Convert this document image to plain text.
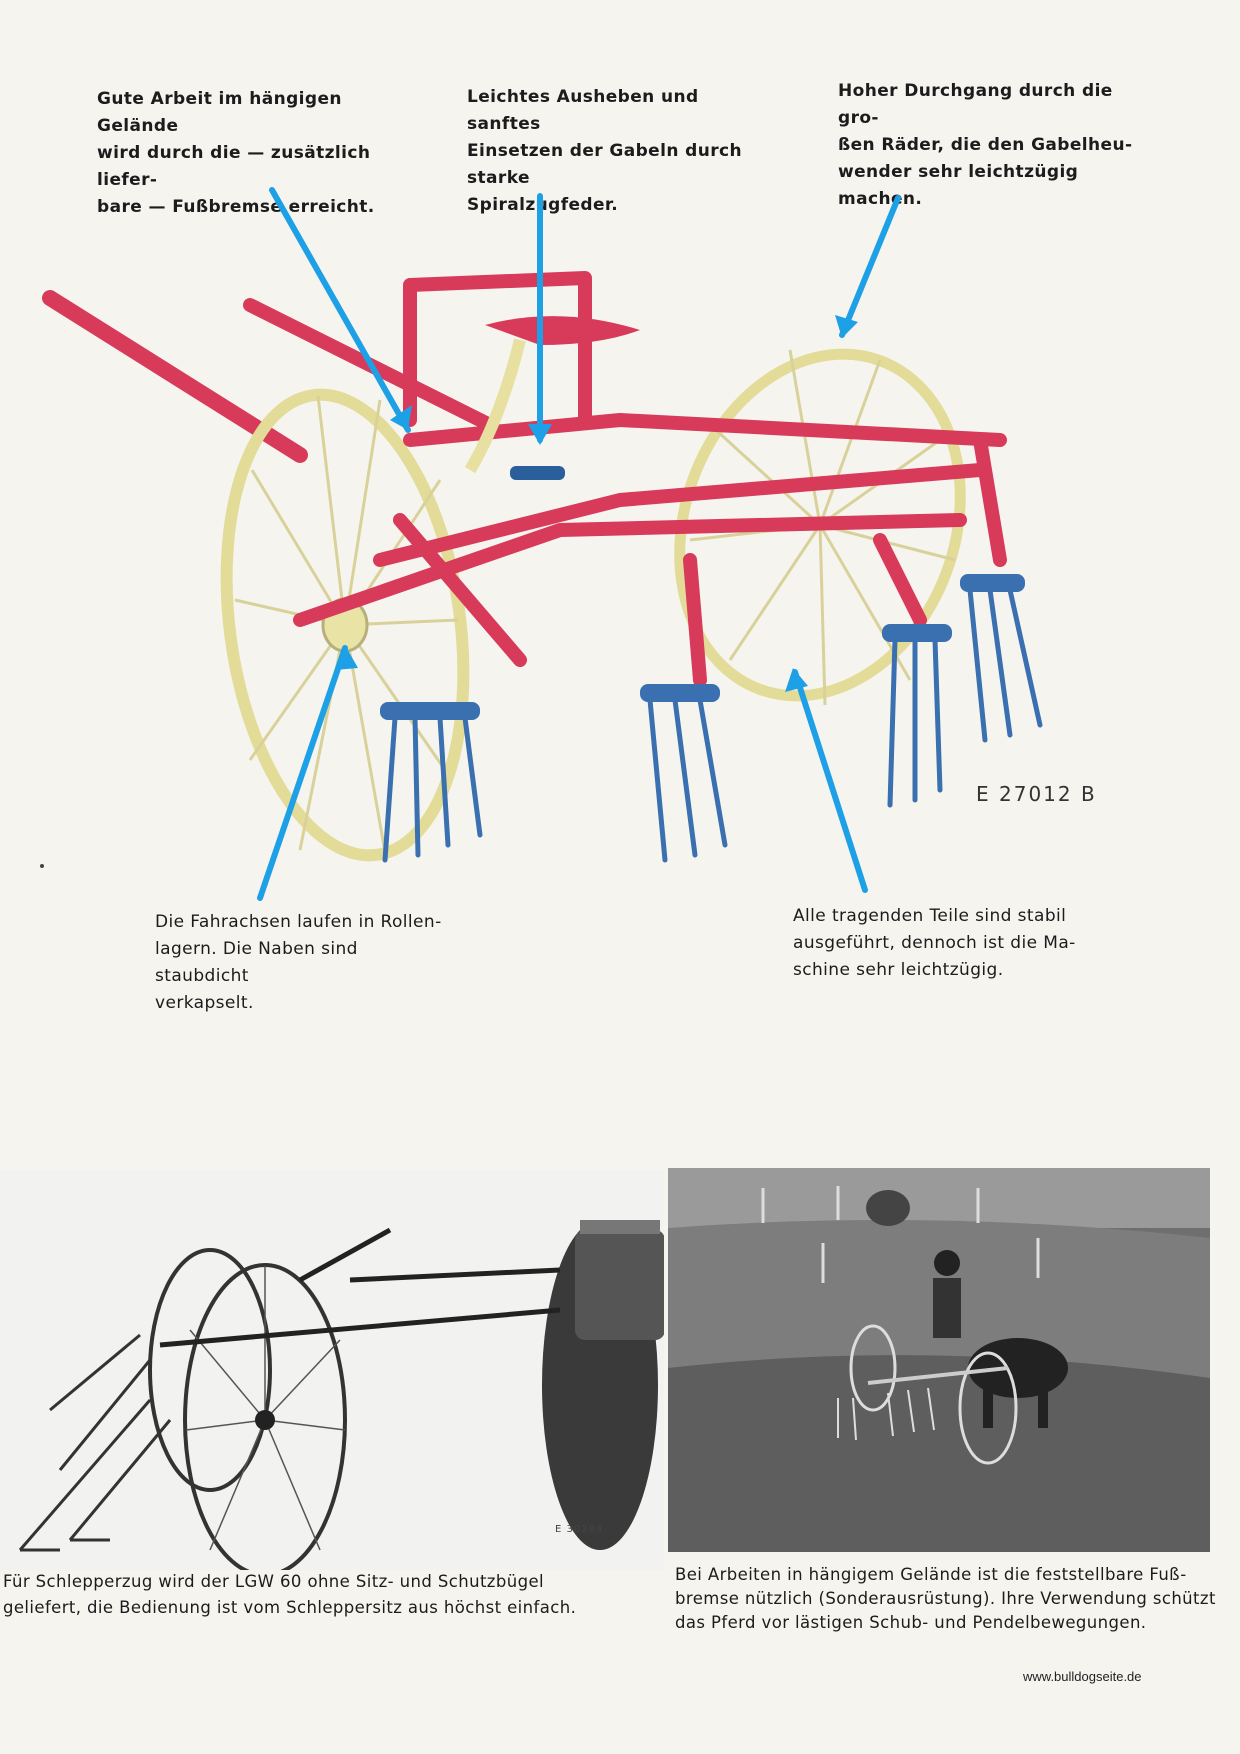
Gute Arbeit im hängigen Gelände
wird durch die — zusätzlich liefer-
bare — Fußbremse erreicht.

Leichtes Ausheben und sanftes
Einsetzen der Gabeln durch starke
Spiralzugfeder.

Hoher Durchgang durch die gro-
ßen Räder, die den Gabelheu-
wender sehr leichtzügig machen.

E 27012 B

Die Fahrachsen laufen in Rollen-
lagern. Die Naben sind staubdicht
verkapselt.

Alle tragenden Teile sind stabil
ausgeführt, dennoch ist die Ma-
schine sehr leichtzügig.

E 30284

Für Schlepperzug wird der LGW 60 ohne Sitz- und Schutzbügel
geliefert, die Bedienung ist vom Schleppersitz aus höchst einfach.

Bei Arbeiten in hängigem Gelände ist die feststellbare Fuß-
bremse nützlich (Sonderausrüstung). Ihre Verwendung schützt
das Pferd vor lästigen Schub- und Pendelbewegungen.

www.bulldogseite.de
